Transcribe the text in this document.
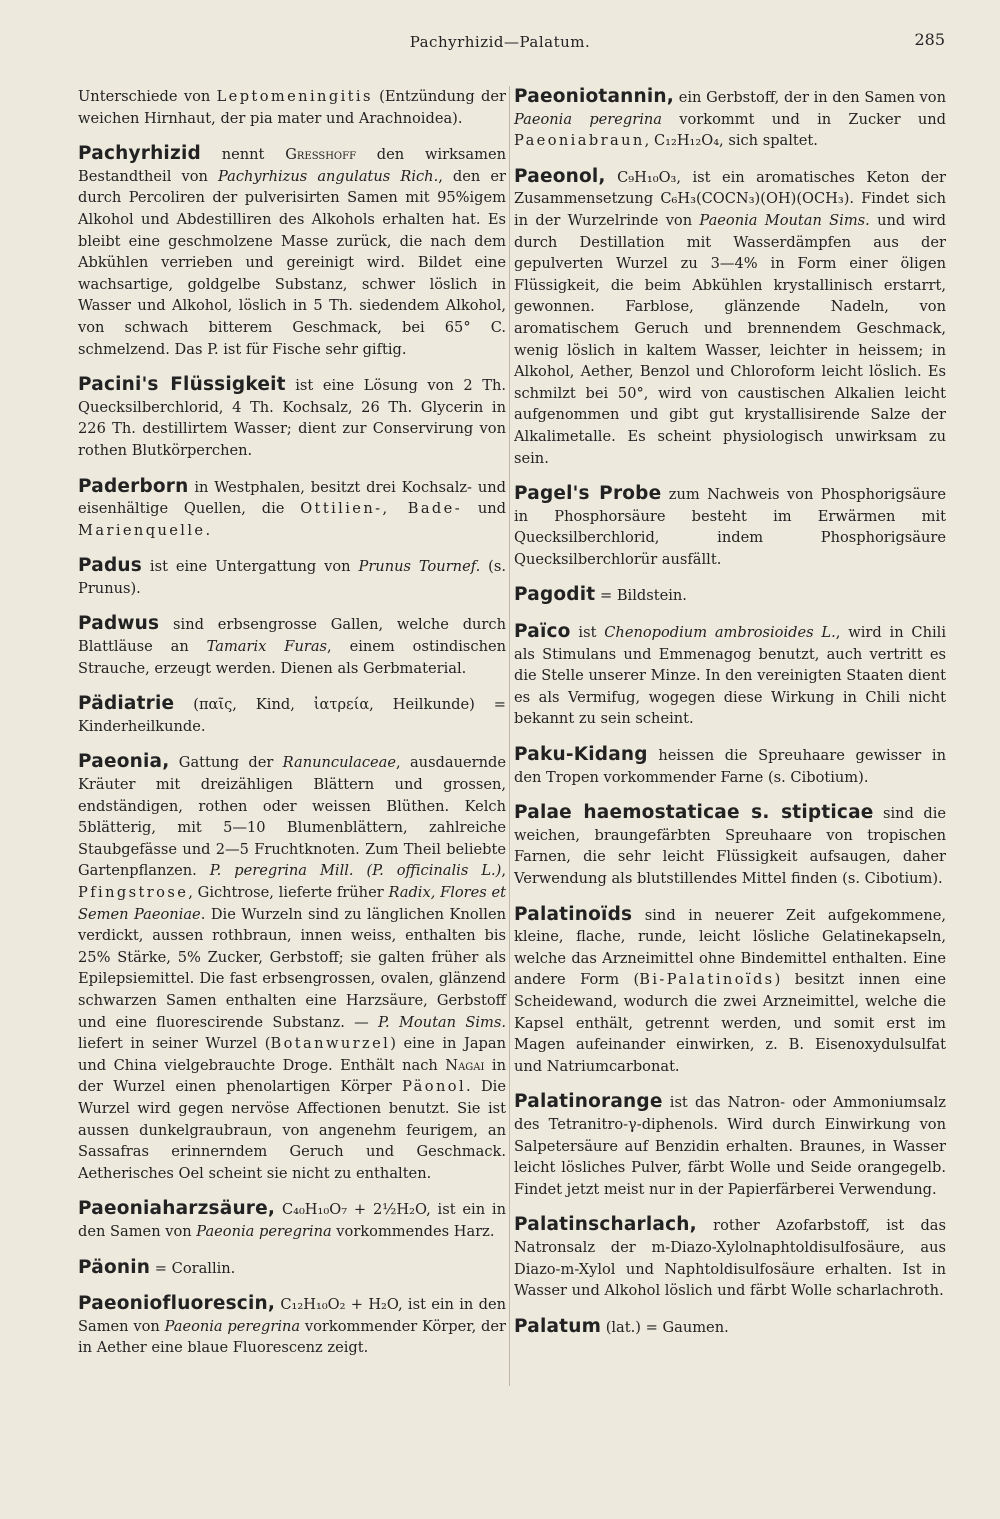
Pachyrhizid—Palatum.	285

Unterschiede von Leptomeningitis (Entzündung der weichen Hirnhaut, der pia mater und Arachnoidea).

Pachyrhizid nennt Gresshoff den wirksamen Bestandtheil von Pachyrhizus angulatus Rich., den er durch Percoliren der pulverisirten Samen mit 95%igem Alkohol und Abdestilliren des Alkohols erhalten hat. Es bleibt eine geschmolzene Masse zurück, die nach dem Abkühlen verrieben und gereinigt wird. Bildet eine wachsartige, goldgelbe Substanz, schwer löslich in Wasser und Alkohol, löslich in 5 Th. siedendem Alkohol, von schwach bitterem Geschmack, bei 65° C. schmelzend. Das P. ist für Fische sehr giftig.

Pacini's Flüssigkeit ist eine Lösung von 2 Th. Quecksilberchlorid, 4 Th. Kochsalz, 26 Th. Glycerin in 226 Th. destillirtem Wasser; dient zur Conservirung von rothen Blutkörperchen.

Paderborn in Westphalen, besitzt drei Kochsalz- und eisenhältige Quellen, die Ottilien-, Bade- und Marienquelle.

Padus ist eine Untergattung von Prunus Tournef. (s. Prunus).

Padwus sind erbsengrosse Gallen, welche durch Blattläuse an Tamarix Furas, einem ostindischen Strauche, erzeugt werden. Dienen als Gerbmaterial.

Pädiatrie (παῖς, Kind, ἰατρεία, Heilkunde) = Kinderheilkunde.

Paeonia, Gattung der Ranunculaceae, ausdauernde Kräuter mit dreizähligen Blättern und grossen, endständigen, rothen oder weissen Blüthen. Kelch 5blätterig, mit 5—10 Blumenblättern, zahlreiche Staubgefässe und 2—5 Fruchtknoten. Zum Theil beliebte Gartenpflanzen. P. peregrina Mill. (P. officinalis L.), Pfingstrose, Gichtrose, lieferte früher Radix, Flores et Semen Paeoniae. Die Wurzeln sind zu länglichen Knollen verdickt, aussen rothbraun, innen weiss, enthalten bis 25% Stärke, 5% Zucker, Gerbstoff; sie galten früher als Epilepsiemittel. Die fast erbsengrossen, ovalen, glänzend schwarzen Samen enthalten eine Harzsäure, Gerbstoff und eine fluorescirende Substanz. — P. Moutan Sims. liefert in seiner Wurzel (Botanwurzel) eine in Japan und China vielgebrauchte Droge. Enthält nach Nagai in der Wurzel einen phenolartigen Körper Päonol. Die Wurzel wird gegen nervöse Affectionen benutzt. Sie ist aussen dunkelgraubraun, von angenehm feurigem, an Sassafras erinnerndem Geruch und Geschmack. Aetherisches Oel scheint sie nicht zu enthalten.

Paeoniaharzsäure, C₄₀H₁₀O₇ + 2½H₂O, ist ein in den Samen von Paeonia peregrina vorkommendes Harz.

Päonin = Corallin.

Paeoniofluorescin, C₁₂H₁₀O₂ + H₂O, ist ein in den Samen von Paeonia peregrina vorkommender Körper, der in Aether eine blaue Fluorescenz zeigt.

Paeoniotannin, ein Gerbstoff, der in den Samen von Paeonia peregrina vorkommt und in Zucker und Paeoniabraun, C₁₂H₁₂O₄, sich spaltet.

Paeonol, C₉H₁₀O₃, ist ein aromatisches Keton der Zusammensetzung C₆H₃(COCN₃)(OH)(OCH₃). Findet sich in der Wurzelrinde von Paeonia Moutan Sims. und wird durch Destillation mit Wasserdämpfen aus der gepulverten Wurzel zu 3—4% in Form einer öligen Flüssigkeit, die beim Abkühlen krystallinisch erstarrt, gewonnen. Farblose, glänzende Nadeln, von aromatischem Geruch und brennendem Geschmack, wenig löslich in kaltem Wasser, leichter in heissem; in Alkohol, Aether, Benzol und Chloroform leicht löslich. Es schmilzt bei 50°, wird von caustischen Alkalien leicht aufgenommen und gibt gut krystallisirende Salze der Alkalimetalle. Es scheint physiologisch unwirksam zu sein.

Pagel's Probe zum Nachweis von Phosphorigsäure in Phosphorsäure besteht im Erwärmen mit Quecksilberchlorid, indem Phosphorigsäure Quecksilberchlorür ausfällt.

Pagodit = Bildstein.

Païco ist Chenopodium ambrosioides L., wird in Chili als Stimulans und Emmenagog benutzt, auch vertritt es die Stelle unserer Minze. In den vereinigten Staaten dient es als Vermifug, wogegen diese Wirkung in Chili nicht bekannt zu sein scheint.

Paku-Kidang heissen die Spreuhaare gewisser in den Tropen vorkommender Farne (s. Cibotium).

Palae haemostaticae s. stipticae sind die weichen, braungefärbten Spreuhaare von tropischen Farnen, die sehr leicht Flüssigkeit aufsaugen, daher Verwendung als blutstillendes Mittel finden (s. Cibotium).

Palatinoïds sind in neuerer Zeit aufgekommene, kleine, flache, runde, leicht lösliche Gelatinekapseln, welche das Arzneimittel ohne Bindemittel enthalten. Eine andere Form (Bi-Palatinoïds) besitzt innen eine Scheidewand, wodurch die zwei Arzneimittel, welche die Kapsel enthält, getrennt werden, und somit erst im Magen aufeinander einwirken, z. B. Eisenoxydulsulfat und Natriumcarbonat.

Palatinorange ist das Natron- oder Ammoniumsalz des Tetranitro-γ-diphenols. Wird durch Einwirkung von Salpetersäure auf Benzidin erhalten. Braunes, in Wasser leicht lösliches Pulver, färbt Wolle und Seide orangegelb. Findet jetzt meist nur in der Papierfärberei Verwendung.

Palatinscharlach, rother Azofarbstoff, ist das Natronsalz der m-Diazo-Xylolnaphtoldisulfosäure, aus Diazo-m-Xylol und Naphtoldisulfosäure erhalten. Ist in Wasser und Alkohol löslich und färbt Wolle scharlachroth.

Palatum (lat.) = Gaumen.
